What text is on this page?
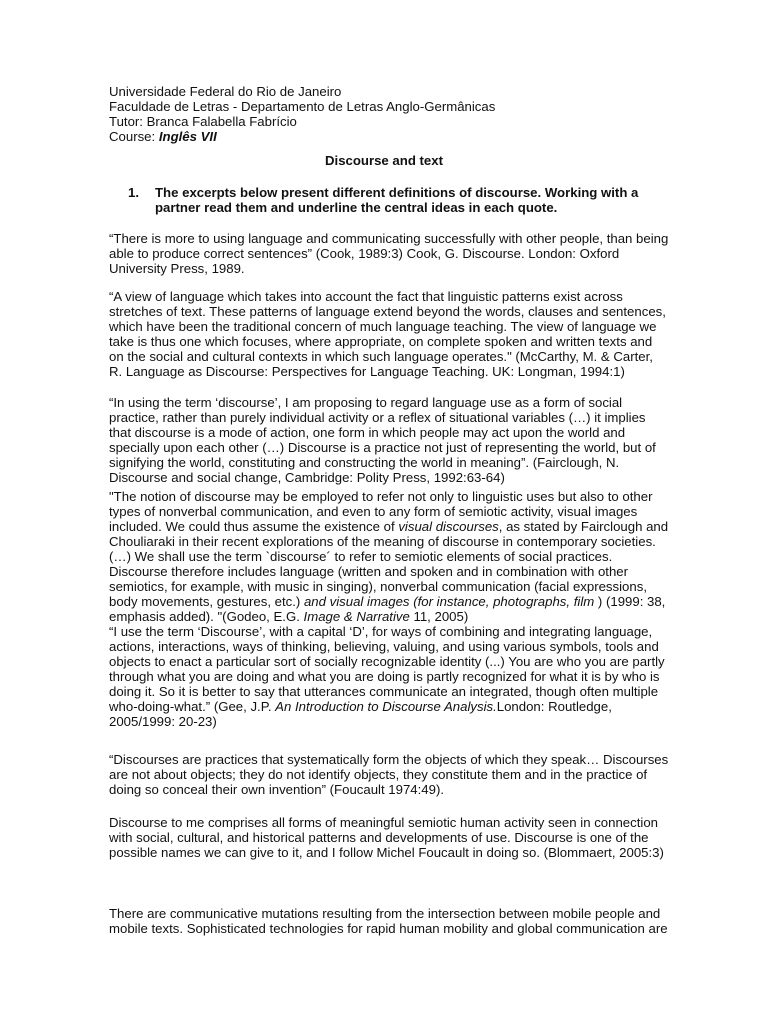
Universidade Federal do Rio de Janeiro
Faculdade de Letras - Departamento de Letras Anglo-Germânicas
Tutor: Branca Falabella Fabrício
Course: Inglês VII
Discourse and text
1. The excerpts below present different definitions of discourse. Working with a
partner read them and underline the central ideas in each quote.
“There is more to using language and communicating successfully with other people, than being
able to produce correct sentences” (Cook, 1989:3) Cook, G. Discourse. London: Oxford
University Press, 1989.
“A view of language which takes into account the fact that linguistic patterns exist across
stretches of text. These patterns of language extend beyond the words, clauses and sentences,
which have been the traditional concern of much language teaching. The view of language we
take is thus one which focuses, where appropriate, on complete spoken and written texts and
on the social and cultural contexts in which such language operates." (McCarthy, M. & Carter,
R. Language as Discourse: Perspectives for Language Teaching. UK: Longman, 1994:1)
“In using the term ‘discourse’, I am proposing to regard language use as a form of social
practice, rather than purely individual activity or a reflex of situational variables (…) it implies
that discourse is a mode of action, one form in which people may act upon the world and
specially upon each other (…) Discourse is a practice not just of representing the world, but of
signifying the world, constituting and constructing the world in meaning”. (Fairclough, N.
Discourse and social change, Cambridge: Polity Press, 1992:63-64)
"The notion of discourse may be employed to refer not only to linguistic uses but also to other
types of nonverbal communication, and even to any form of semiotic activity, visual images
included. We could thus assume the existence of visual discourses, as stated by Fairclough and
Chouliaraki in their recent explorations of the meaning of discourse in contemporary societies.
(…) We shall use the term `discourse´ to refer to semiotic elements of social practices.
Discourse therefore includes language (written and spoken and in combination with other
semiotics, for example, with music in singing), nonverbal communication (facial expressions,
body movements, gestures, etc.) and visual images (for instance, photographs, film ) (1999: 38,
emphasis added). "(Godeo, E.G. Image & Narrative 11, 2005)
“I use the term ‘Discourse’, with a capital ‘D’, for ways of combining and integrating language,
actions, interactions, ways of thinking, believing, valuing, and using various symbols, tools and
objects to enact a particular sort of socially recognizable identity (...) You are who you are partly
through what you are doing and what you are doing is partly recognized for what it is by who is
doing it. So it is better to say that utterances communicate an integrated, though often multiple
who-doing-what.” (Gee, J.P. An Introduction to Discourse Analysis.London: Routledge,
2005/1999: 20-23)
“Discourses are practices that systematically form the objects of which they speak… Discourses
are not about objects; they do not identify objects, they constitute them and in the practice of
doing so conceal their own invention” (Foucault 1974:49).
Discourse to me comprises all forms of meaningful semiotic human activity seen in connection
with social, cultural, and historical patterns and developments of use. Discourse is one of the
possible names we can give to it, and I follow Michel Foucault in doing so. (Blommaert, 2005:3)
There are communicative mutations resulting from the intersection between mobile people and
mobile texts. Sophisticated technologies for rapid human mobility and global communication are
